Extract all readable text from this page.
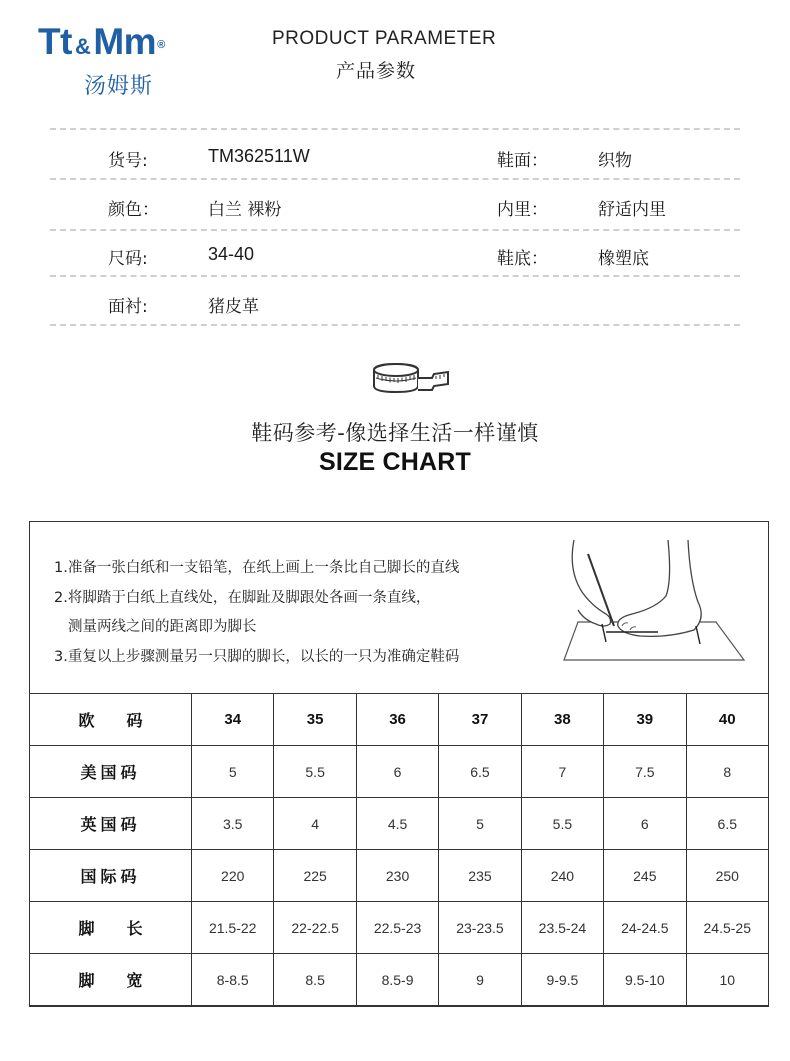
Tt &Mm®
汤姆斯
PRODUCT PARAMETER
产品参数
货号:	TM362511W	鞋面：	织物
颜色：	白兰 裸粉	内里：	舒适内里
尺码:	34-40	鞋底：	橡塑底
面衬:	猪皮革
鞋码参考-像选择生活一样谨慎
SIZE CHART
1.准备一张白纸和一支铅笔，在纸上画上一条比自己脚长的直线
2.将脚踏于白纸上直线处，在脚趾及脚跟处各画一条直线，
测量两线之间的距离即为脚长
3.重复以上步骤测量另一只脚的脚长，以长的一只为准确定鞋码
欧 码	34	35	36	37	38	39	40
美国码	5	5.5	6	6.5	7	7.5	8
英国码	3.5	4	4.5	5	5.5	6	6.5
国际码	220	225	230	235	240	245	250

脚 长	21.5-22	22-22.5	22.5-23	23-23.5	23.5-24	24-24.5	24.5-25

脚 宽	8-8.5	8.5	8.5-9	9	9-9.5	9.5-10	10
